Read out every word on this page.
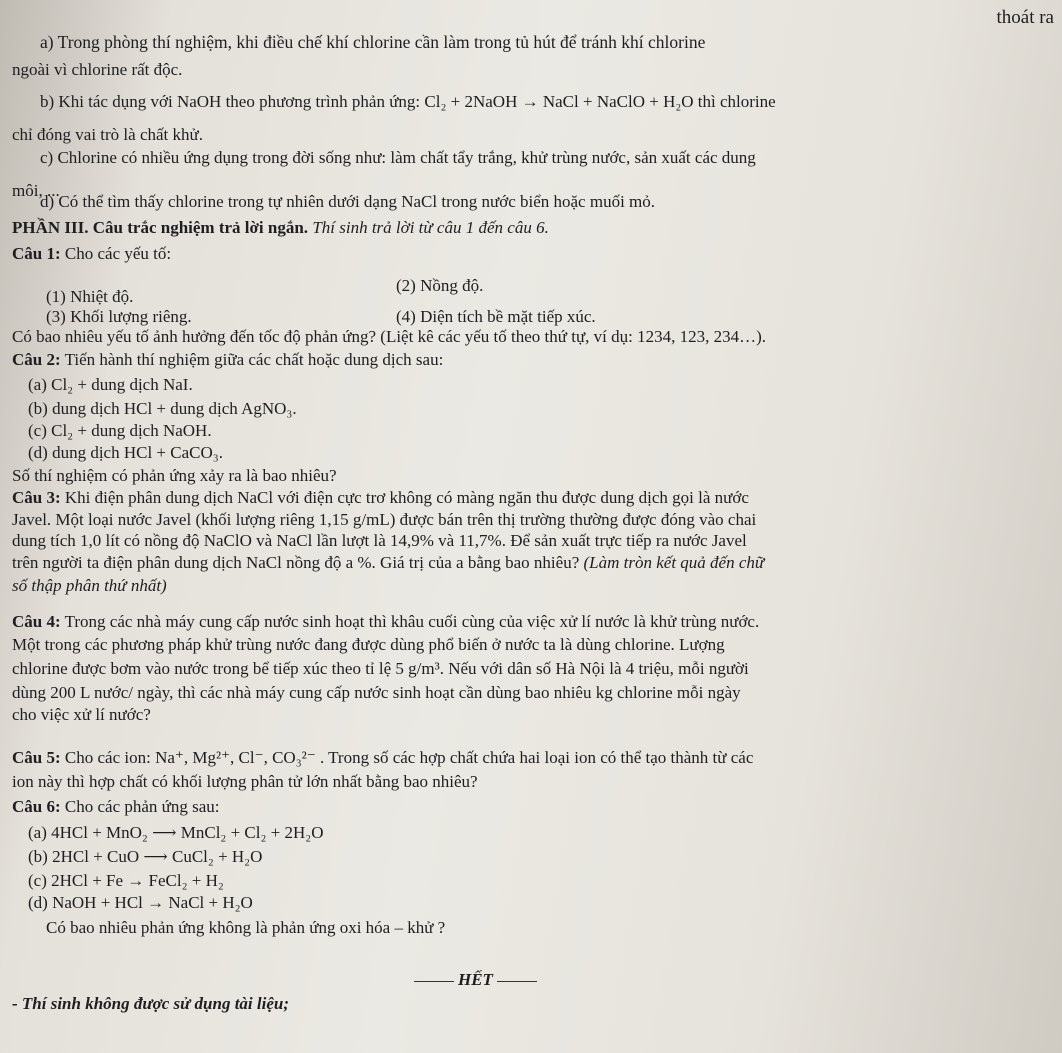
thoát ra
ngoài vì chlorine rất độc.
chỉ đóng vai trò là chất khử.
môi, ...
(3) Khối lượng riêng.	(4) Diện tích bề mặt tiếp xúc.
Có bao nhiêu yếu tố ảnh hưởng đến tốc độ phản ứng? (Liệt kê các yếu tố theo thứ tự, ví dụ: 1234, 123, 234…).
Số thí nghiệm có phản ứng xảy ra là bao nhiêu?
Javel. Một loại nước Javel (khối lượng riêng 1,15 g/mL) được bán trên thị trường thường được đóng vào chai
dung tích 1,0 lít có nồng độ NaClO và NaCl lần lượt là 14,9% và 11,7%. Để sản xuất trực tiếp ra nước Javel
Một trong các phương pháp khử trùng nước đang được dùng phổ biến ở nước ta là dùng chlorine. Lượng
dùng 200 L nước/ ngày, thì các nhà máy cung cấp nước sinh hoạt cần dùng bao nhiêu kg chlorine mỗi ngày
cho việc xử lí nước?
ion này thì hợp chất có khối lượng phân tử lớn nhất bằng bao nhiêu?
Có bao nhiêu phản ứng không là phản ứng oxi hóa – khử ?
a) Trong phòng thí nghiệm, khi điều chế khí chlorine cần làm trong tủ hút để tránh khí chlorine
b) Khi tác dụng với NaOH theo phương trình phản ứng: Cl₂ + 2NaOH → NaCl + NaClO + H₂O thì chlorine
c) Chlorine có nhiều ứng dụng trong đời sống như: làm chất tẩy trắng, khử trùng nước, sản xuất các dung
d) Có thể tìm thấy chlorine trong tự nhiên dưới dạng NaCl trong nước biển hoặc muối mỏ.
PHẦN III. Câu trắc nghiệm trả lời ngắn. Thí sinh trả lời từ câu 1 đến câu 6.
Câu 1: Cho các yếu tố:
(1) Nhiệt độ.
(2) Nồng độ.
Câu 2: Tiến hành thí nghiệm giữa các chất hoặc dung dịch sau:
(a) Cl₂ + dung dịch NaI.
(b) dung dịch HCl + dung dịch AgNO₃.
(c) Cl₂ + dung dịch NaOH.
(d) dung dịch HCl + CaCO₃.
Câu 3: Khi điện phân dung dịch NaCl với điện cực trơ không có màng ngăn thu được dung dịch gọi là nước
trên người ta điện phân dung dịch NaCl nồng độ a %. Giá trị của a bằng bao nhiêu? (Làm tròn kết quả đến chữ
số thập phân thứ nhất)
Câu 4: Trong các nhà máy cung cấp nước sinh hoạt thì khâu cuối cùng của việc xử lí nước là khử trùng nước.
chlorine được bơm vào nước trong bể tiếp xúc theo tỉ lệ 5 g/m³. Nếu với dân số Hà Nội là 4 triệu, mỗi người
Câu 5: Cho các ion: Na⁺, Mg²⁺, Cl⁻, CO₃²⁻ . Trong số các hợp chất chứa hai loại ion có thể tạo thành từ các
Câu 6: Cho các phản ứng sau:
(a) 4HCl + MnO₂ ⟶ MnCl₂ + Cl₂ + 2H₂O
(b) 2HCl + CuO ⟶ CuCl₂ + H₂O
(c) 2HCl + Fe → FeCl₂ + H₂
(d) NaOH + HCl → NaCl + H₂O
HẾT
- Thí sinh không được sử dụng tài liệu;
